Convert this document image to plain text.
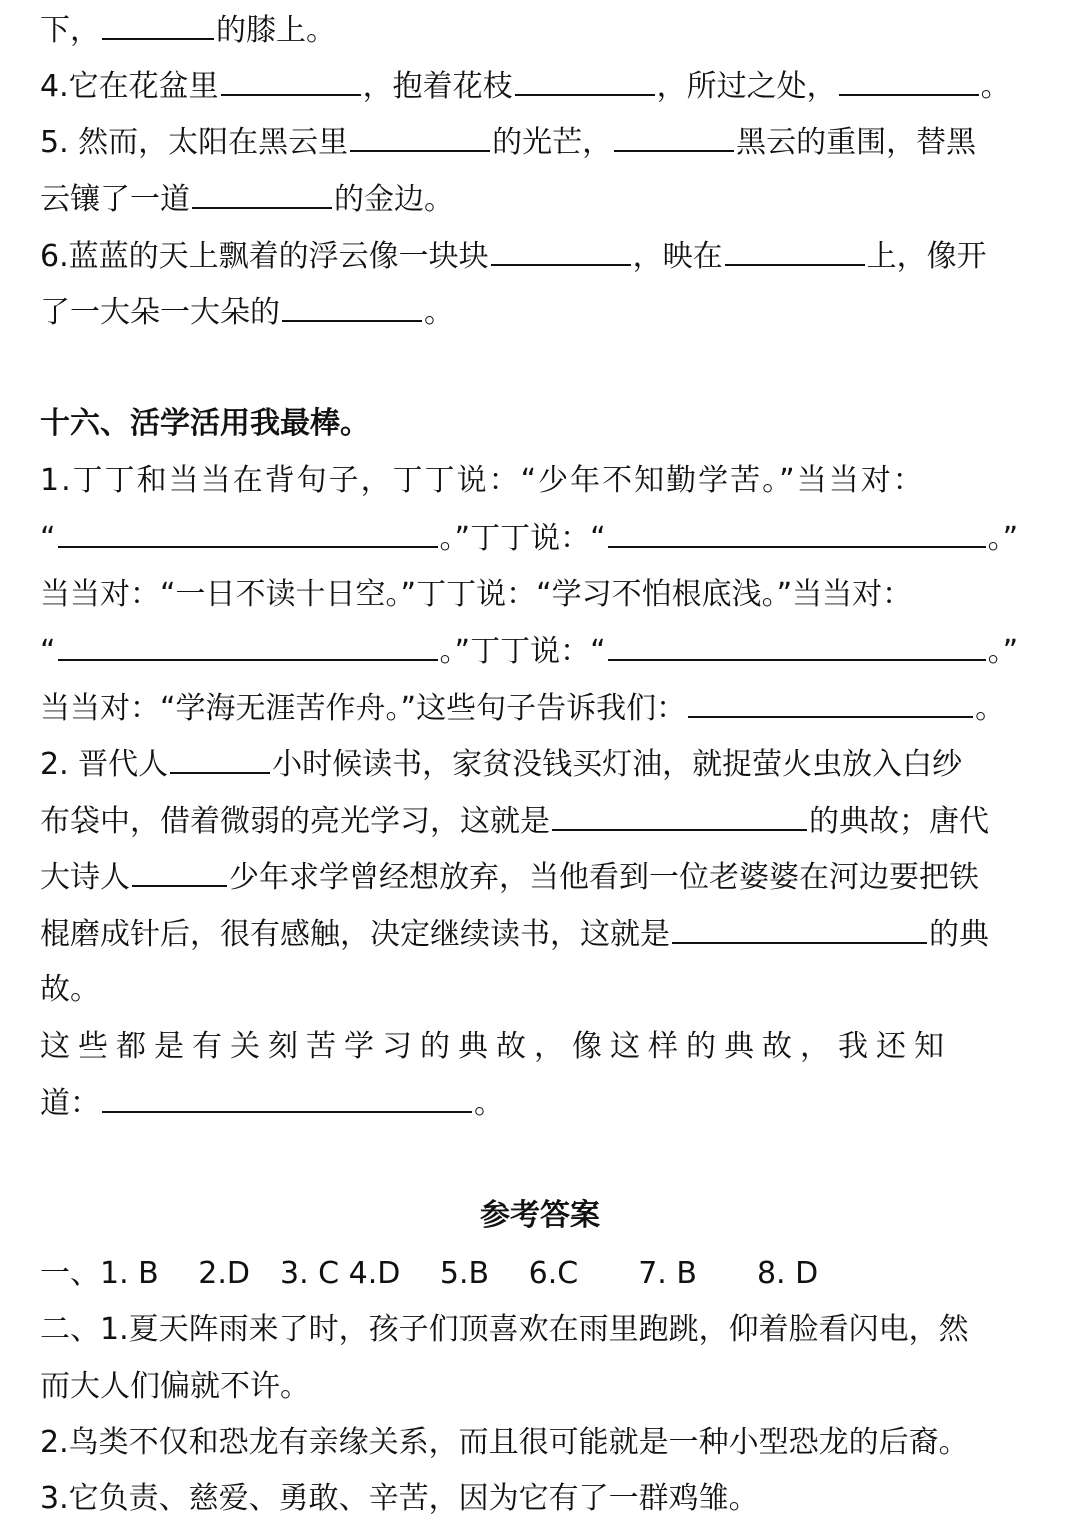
下，	的膝上。
4.它在花盆里	，抱着花枝	，所过之处，	。
5. 然而，太阳在黑云里	的光芒，	黑云的重围，替黑
云镶了一道	的金边。
6.蓝蓝的天上飘着的浮云像一块块	，映在	上，像开
了一大朵一大朵的	。
十六、活学活用我最棒。
1.丁丁和当当在背句子，丁丁说：“少年不知勤学苦。”当当对：
“	。”丁丁说：“	。”
当当对：“一日不读十日空。”丁丁说：“学习不怕根底浅。”当当对：
“	。”丁丁说：“	。”
当当对：“学海无涯苦作舟。”这些句子告诉我们：	。
2. 晋代人	小时候读书，家贫没钱买灯油，就捉萤火虫放入白纱
布袋中，借着微弱的亮光学习，这就是	的典故；唐代
大诗人	少年求学曾经想放弃，当他看到一位老婆婆在河边要把铁
棍磨成针后，很有感触，决定继续读书，这就是	的典
故。
这些都是有关刻苦学习的典故，像这样的典故，我还知
道：	。
参考答案
一、1. B　 2.D　3. C 4.D　 5.B　 6.C　　7. B　　8. D
二、1.夏天阵雨来了时，孩子们顶喜欢在雨里跑跳，仰着脸看闪电，然
而大人们偏就不许。
2.鸟类不仅和恐龙有亲缘关系，而且很可能就是一种小型恐龙的后裔。
3.它负责、慈爱、勇敢、辛苦，因为它有了一群鸡雏。
